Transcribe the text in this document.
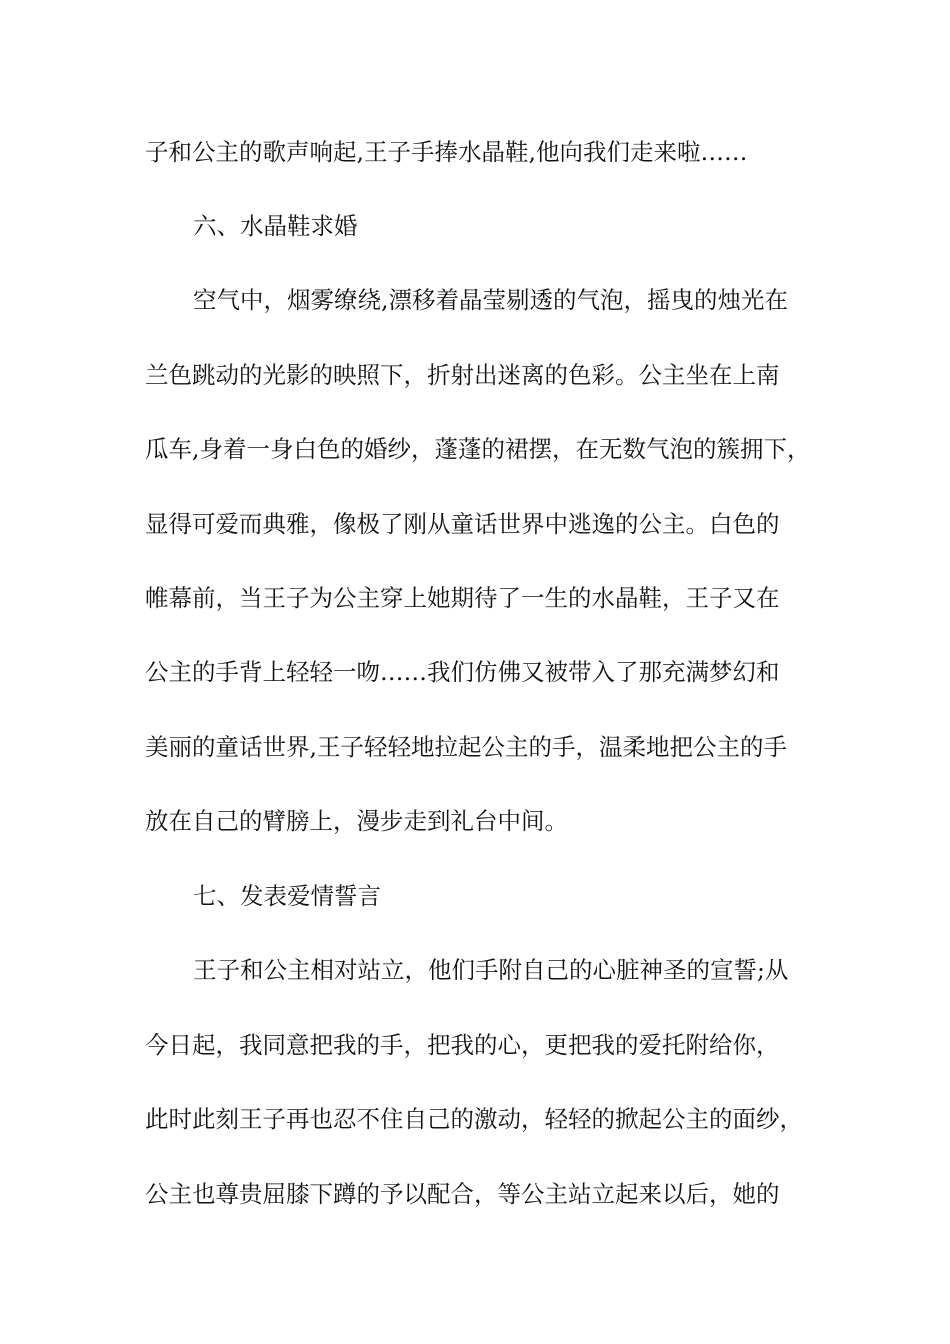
子和公主的歌声响起,王子手捧水晶鞋,他向我们走来啦……
六、水晶鞋求婚
空气中，烟雾缭绕,漂移着晶莹剔透的气泡，摇曳的烛光在
兰色跳动的光影的映照下，折射出迷离的色彩。公主坐在上南
瓜车,身着一身白色的婚纱，蓬蓬的裙摆，在无数气泡的簇拥下，
显得可爱而典雅，像极了刚从童话世界中逃逸的公主。白色的
帷幕前，当王子为公主穿上她期待了一生的水晶鞋，王子又在
公主的手背上轻轻一吻……我们仿佛又被带入了那充满梦幻和
美丽的童话世界,王子轻轻地拉起公主的手，温柔地把公主的手
放在自己的臂膀上，漫步走到礼台中间。
七、发表爱情誓言
王子和公主相对站立，他们手附自己的心脏神圣的宣誓;从
今日起，我同意把我的手，把我的心，更把我的爱托附给你，
此时此刻王子再也忍不住自己的激动，轻轻的掀起公主的面纱，
公主也尊贵屈膝下蹲的予以配合，等公主站立起来以后，她的
